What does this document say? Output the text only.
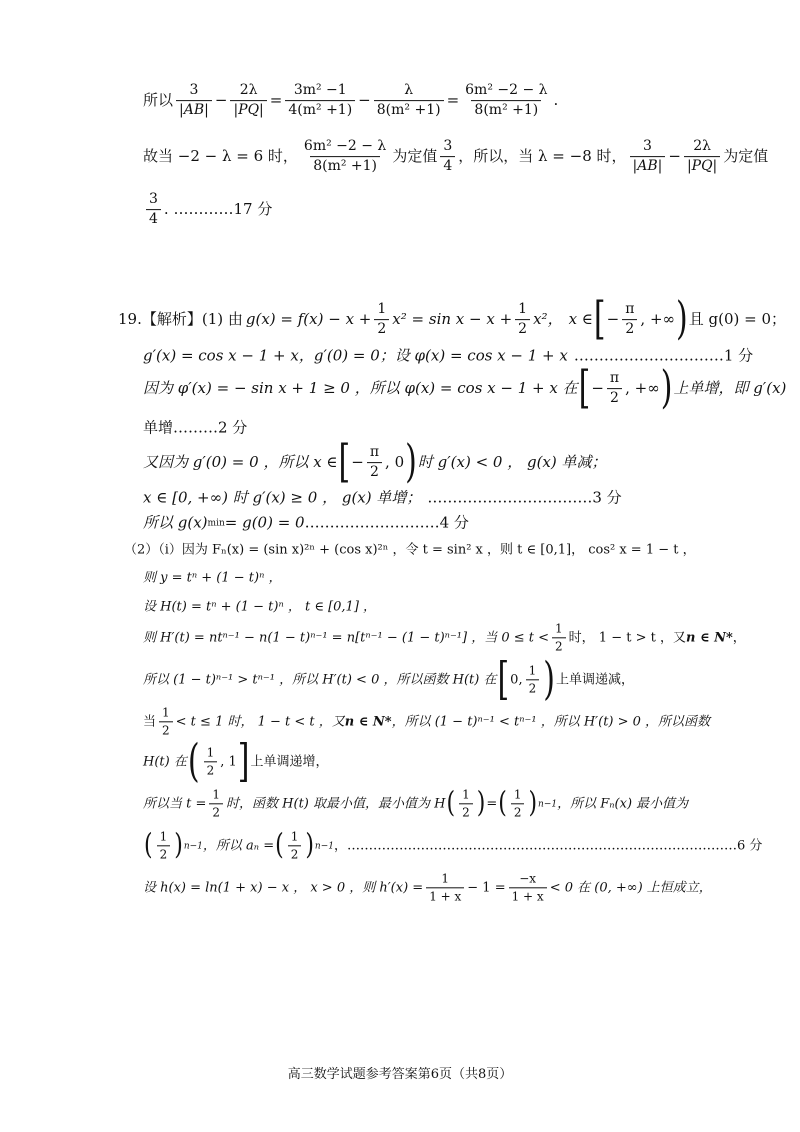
所以 $\frac{3}{|AB|} - \frac{2\lambda}{|PQ|} = \frac{\text{3m² −1}}{\text{4(m² +1)}} - \frac{\lambda}{\text{8(m² +1)}} = \frac{\text{6m² −2 − λ}}{\text{8(m² +1)}}$ .
故当 −2 − λ = 6 时， $\frac{\text{6m² −2 − λ}}{\text{8(m² +1)}}$ 为定值 $\frac{3}{4}$ ，所以，当 λ = −8 时， $\frac{3}{|AB|} - \frac{2\lambda}{|PQ|}$ 为定值
$\frac{3}{4}$ . …………17 分
19.【解析】(1) 由 $g(x) = f(x) - x + \frac{1}{2} x^2 = \sin x - x + \frac{1}{2} x^2$， x ∈ [ − $\frac{\pi}{2}$ , +∞ ) 且 g(0) = 0；
g′(x) = cos x − 1 + x，g′(0) = 0；设 φ(x) = cos x − 1 + x …………………………1 分
因为 φ′(x) = − sin x + 1 ≥ 0 ，所以 φ(x) = cos x − 1 + x 在 [ − $\frac{\pi}{2}$ , +∞ ) 上单增，即 g′(x)
单增………2 分
又因为 g′(0) = 0 ，所以 x ∈ [ − $\frac{\pi}{2}$ , 0 ) 时 g′(x) < 0 ， g(x) 单减；
x ∈ [0, +∞) 时 g′(x) ≥ 0 ， g(x) 单增； ……………………………3 分
所以 g(x) min = g(0) = 0 ………………………4 分
（2）（ⅰ）因为 Fₙ(x) = (sin x)²ⁿ + (cos x)²ⁿ ，令 t = sin² x ，则 t ∈ [0,1]， cos² x = 1 − t ，
则 y = tⁿ + (1 − t)ⁿ ，
设 H(t) = tⁿ + (1 − t)ⁿ ， t ∈ [0,1] ，
则 H′(t) = ntⁿ⁻¹ − n(1 − t)ⁿ⁻¹ = n[tⁿ⁻¹ − (1 − t)ⁿ⁻¹] ，当 $0 \le t < \frac{1}{2}$ 时， 1 − t > t ，又 n ∈ N* ，
所以 (1 − t)ⁿ⁻¹ > tⁿ⁻¹ ，所以 H′(t) < 0 ，所以函数 H(t) 在 [ 0, $\frac{1}{2}$ ) 上单调递减，
当 $\frac{1}{2} < t \le 1$ 时， 1 − t < t ，又 n ∈ N* ，所以 (1 − t)ⁿ⁻¹ < tⁿ⁻¹ ，所以 H′(t) > 0 ，所以函数
H(t) 在 ( $\frac{1}{2}$ , 1 ] 上单调递增，
所以当 $t = \frac{1}{2}$ 时，函数 H(t) 取最小值，最小值为 H ( $\frac{1}{2}$ ) = ( $\frac{1}{2}$ ) n−1 ，所以 Fₙ(x) 最小值为
( $\frac{1}{2}$ ) n−1 ，所以 aₙ = ( $\frac{1}{2}$ ) n−1 ，………………………………………………………………………………6 分
设 h(x) = ln(1 + x) − x ， x > 0 ，则 $h'(x) = \frac{1}{1 + x} - 1 = \frac{-x}{1 + x} < 0$ 在 (0, +∞) 上恒成立，
高三数学试题参考答案第6页（共8页）
